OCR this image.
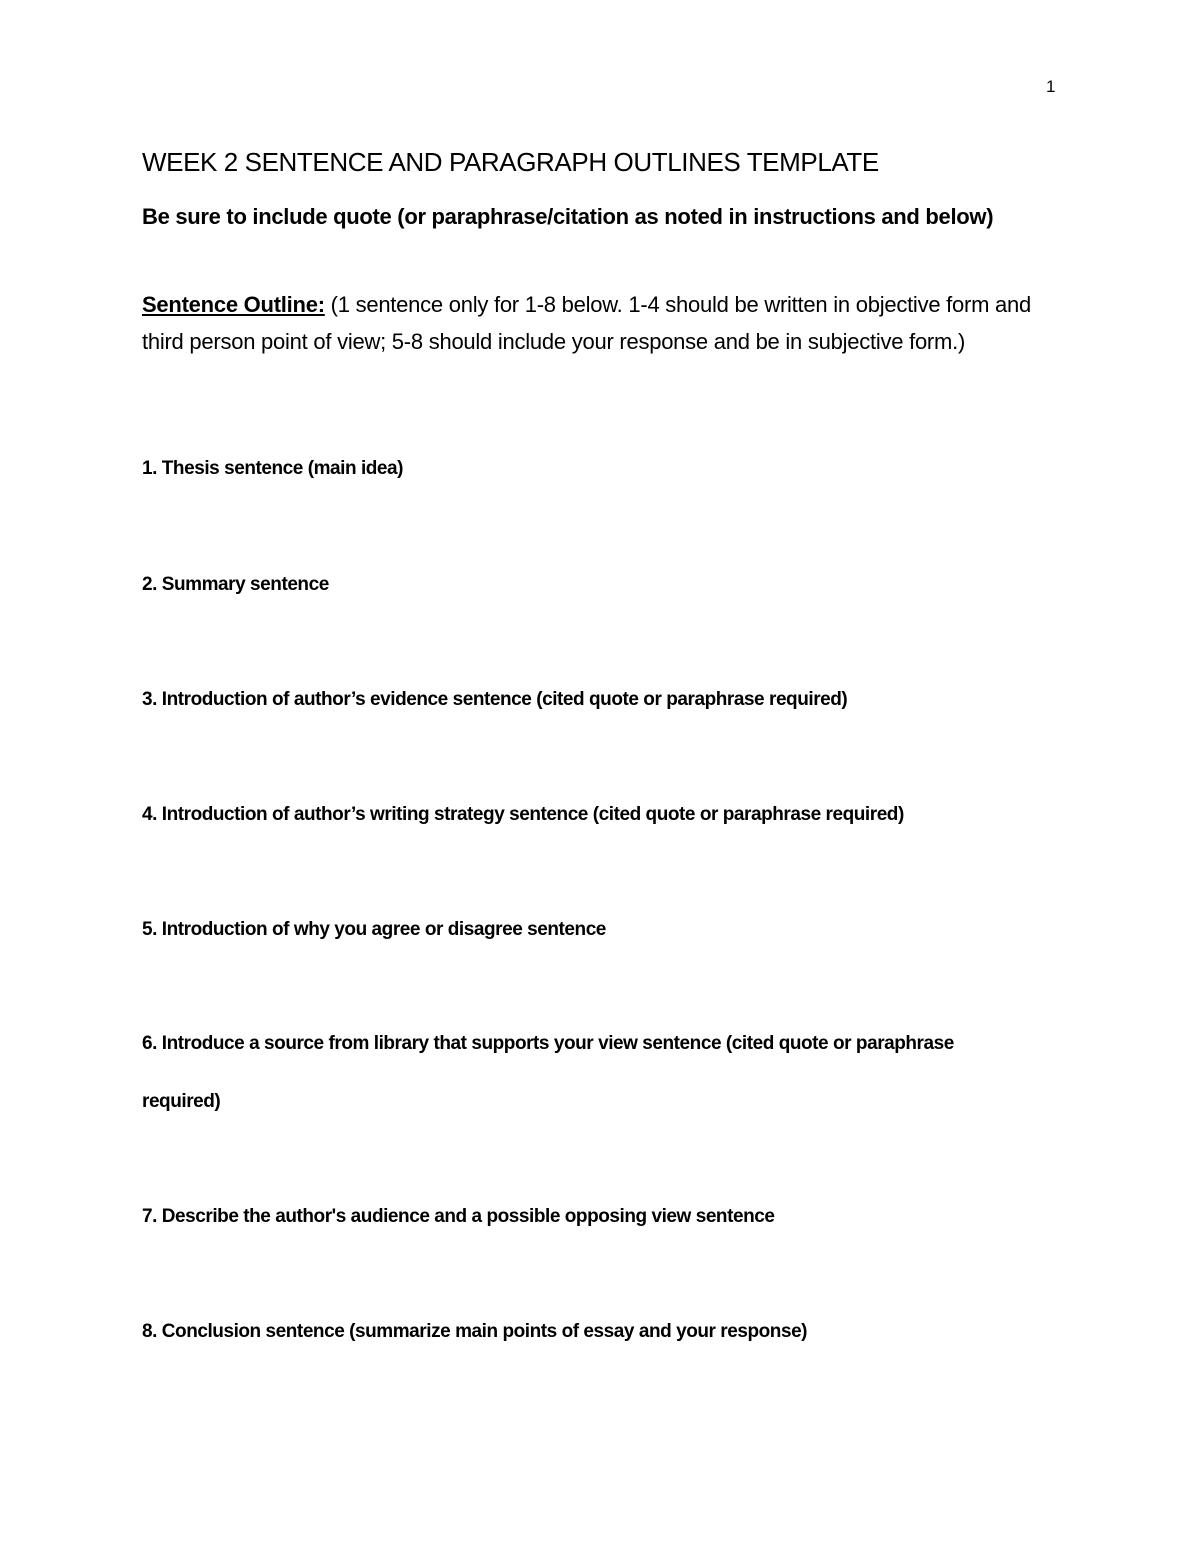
1
WEEK 2 SENTENCE AND PARAGRAPH OUTLINES TEMPLATE
Be sure to include quote (or paraphrase/citation as noted in instructions and below)
Sentence Outline: (1 sentence only for 1-8 below. 1-4 should be written in objective form and third person point of view; 5-8 should include your response and be in subjective form.)
1. Thesis sentence (main idea)
2. Summary sentence
3. Introduction of author’s evidence sentence (cited quote or paraphrase required)
4. Introduction of author’s writing strategy sentence (cited quote or paraphrase required)
5. Introduction of why you agree or disagree sentence
6. Introduce a source from library that supports your view sentence (cited quote or paraphrase required)
7. Describe the author's audience and a possible opposing view sentence
8. Conclusion sentence (summarize main points of essay and your response)
